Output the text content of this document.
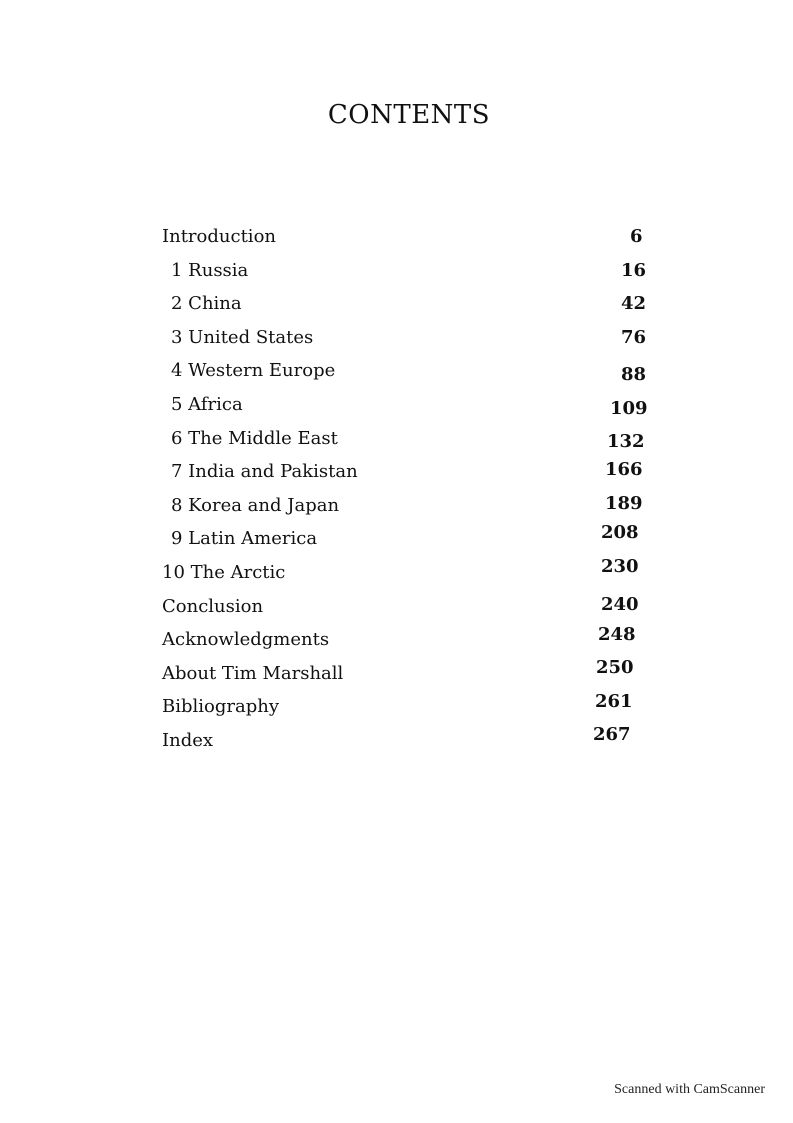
CONTENTS
Introduction	6
1 Russia	16
2 China	42
3 United States	76
4 Western Europe	88
5 Africa	109
6 The Middle East	132
7 India and Pakistan	166
8 Korea and Japan	189
9 Latin America	208
10 The Arctic	230
Conclusion	240
Acknowledgments	248
About Tim Marshall	250
Bibliography	261
Index	267
Scanned with CamScanner
